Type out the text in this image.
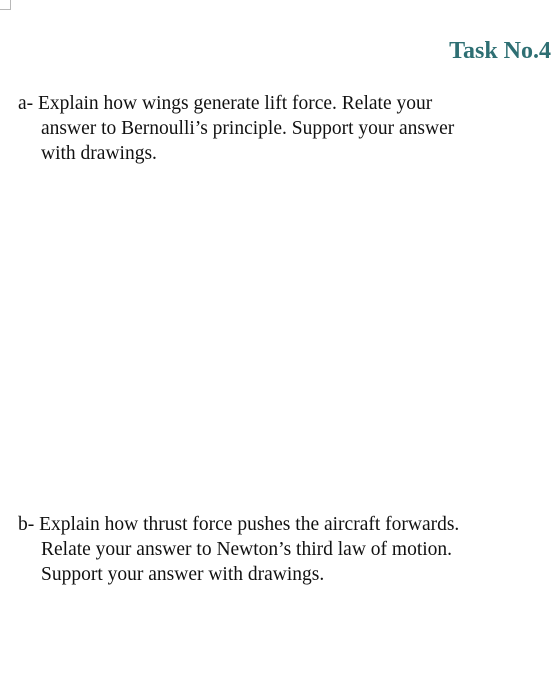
Task No.4
a- Explain how wings generate lift force. Relate your
answer to Bernoulli’s principle. Support your answer
with drawings.
b- Explain how thrust force pushes the aircraft forwards.
Relate your answer to Newton’s third law of motion.
Support your answer with drawings.
